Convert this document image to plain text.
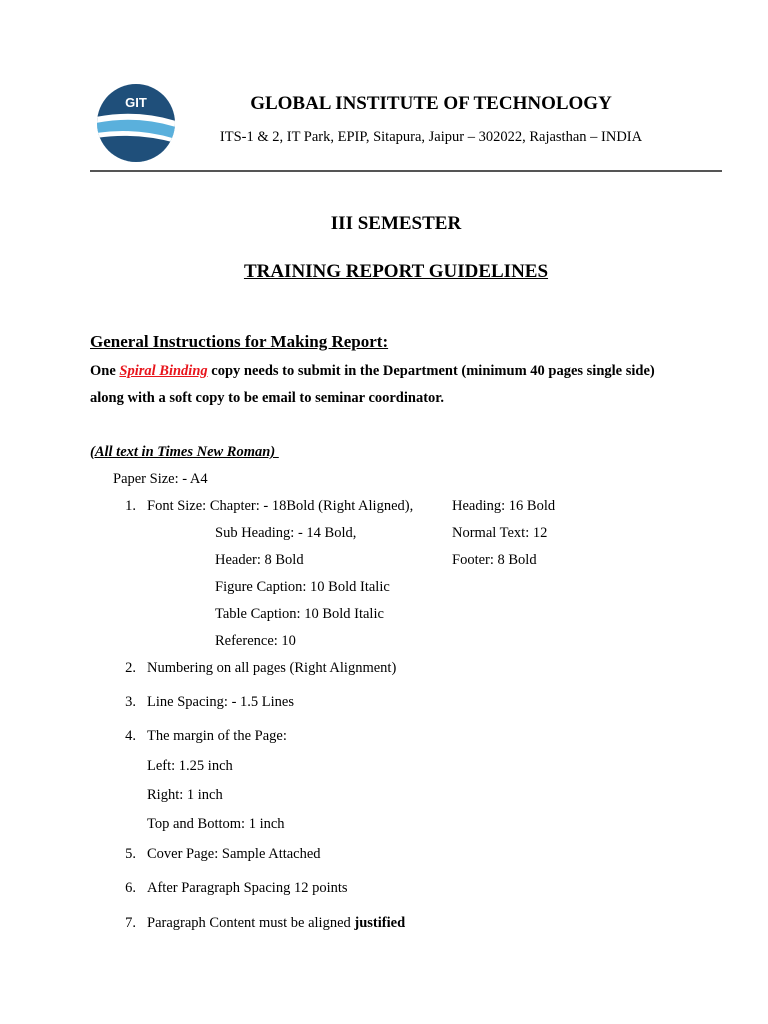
GIT	GLOBAL INSTITUTE OF TECHNOLOGY
ITS-1 & 2, IT Park, EPIP, Sitapura, Jaipur – 302022, Rajasthan – INDIA
III SEMESTER
TRAINING REPORT GUIDELINES
General Instructions for Making Report:
One Spiral Binding copy needs to submit in the Department (minimum 40 pages single side)
along with a soft copy to be email to seminar coordinator.
(All text in Times New Roman)
Paper Size: - A4
1. Font Size: Chapter: - 18Bold (Right Aligned),	Heading: 16 Bold
Sub Heading: - 14 Bold,	Normal Text: 12
Header: 8 Bold	Footer: 8 Bold
Figure Caption: 10 Bold Italic
Table Caption: 10 Bold Italic
Reference: 10
2. Numbering on all pages (Right Alignment)
3. Line Spacing: - 1.5 Lines
4. The margin of the Page:
Left: 1.25 inch
Right: 1 inch
Top and Bottom: 1 inch
5. Cover Page: Sample Attached
6. After Paragraph Spacing 12 points
7. Paragraph Content must be aligned justified
